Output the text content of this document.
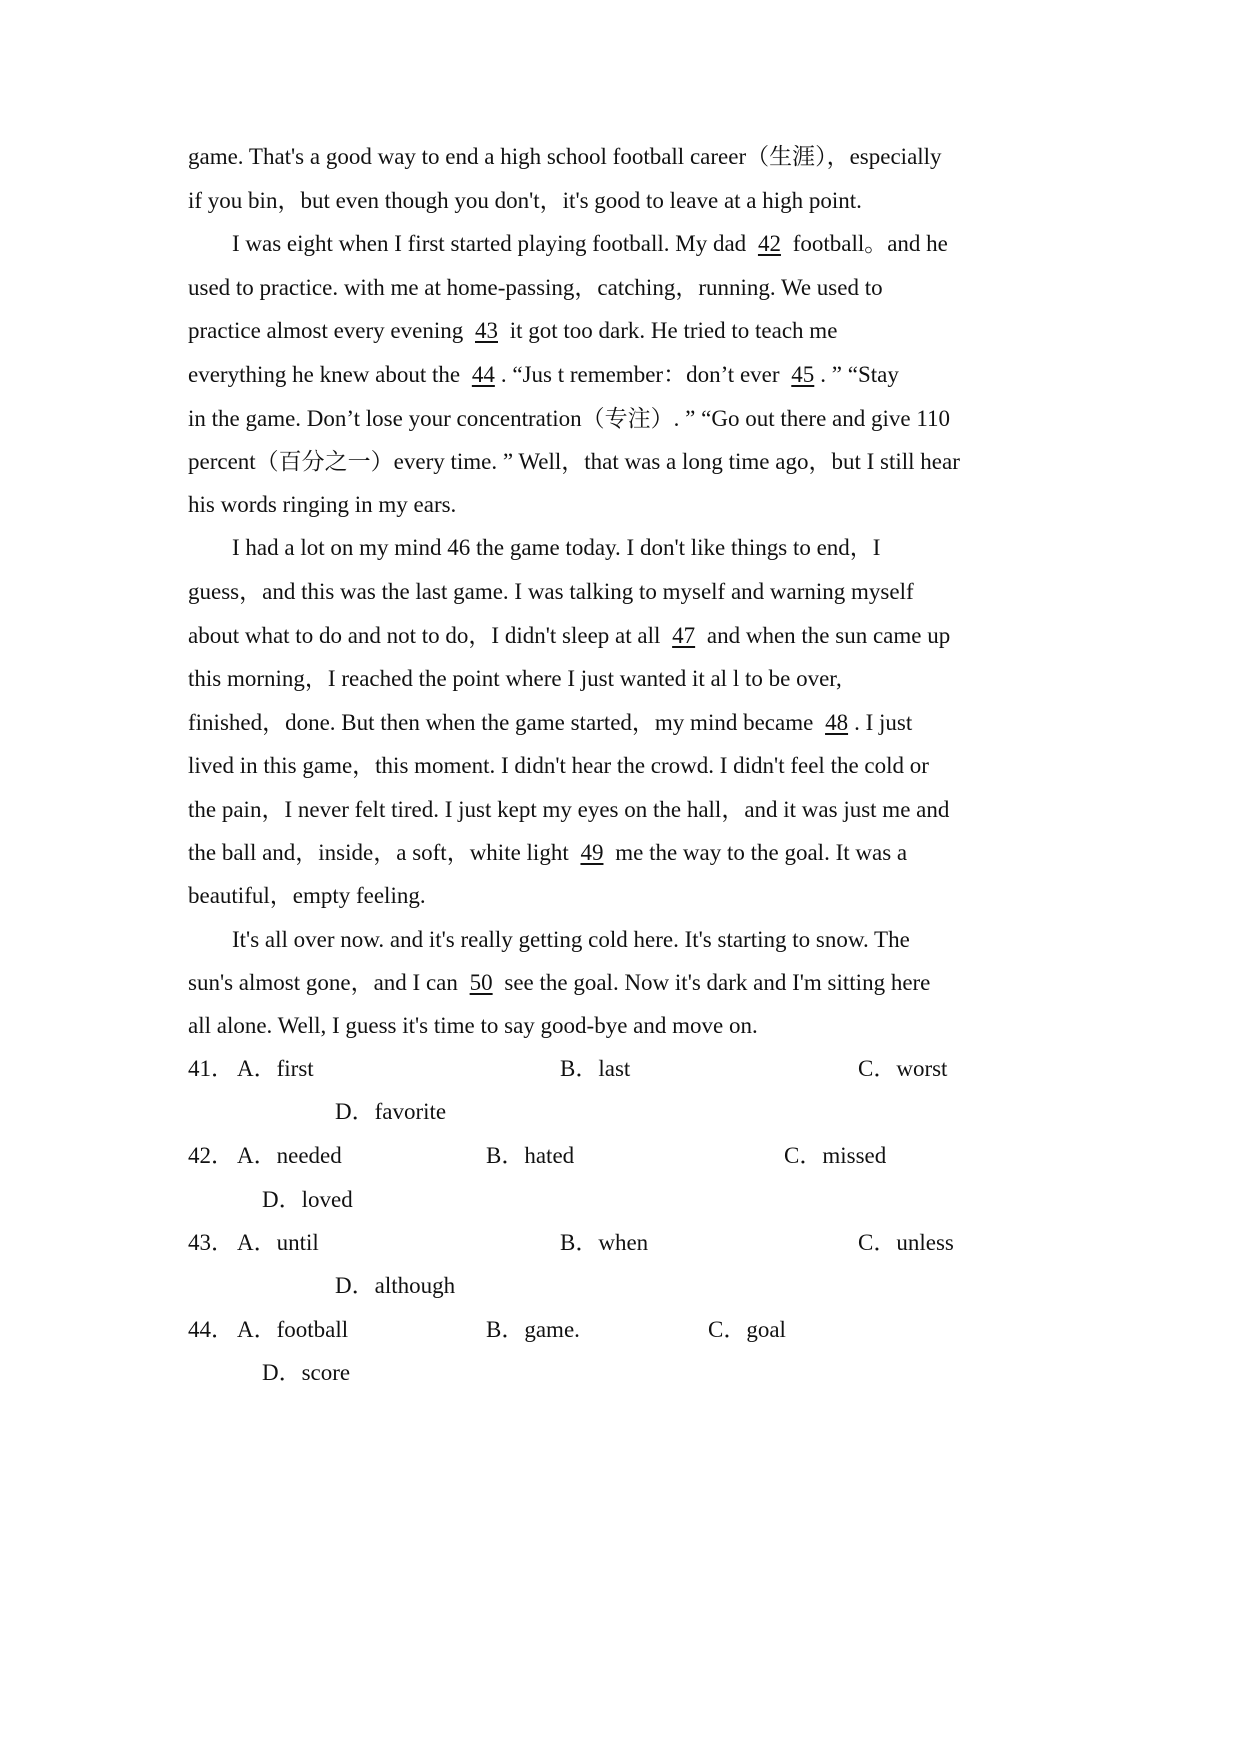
game. That's a good way to end a high school football career（生涯），especially
if you bin，but even though you don't，it's good to leave at a high point.
I was eight when I first started playing football. My dad 42 football。and he
used to practice. with me at home-passing，catching，running. We used to
practice almost every evening 43 it got too dark. He tried to teach me
everything he knew about the 44 . “Jus t remember：don’t ever 45 . ” “Stay
in the game. Don’t lose your concentration（专注）. ” “Go out there and give 110
percent（百分之一）every time. ” Well，that was a long time ago，but I still hear
his words ringing in my ears.
I had a lot on my mind 46 the game today. I don't like things to end，I
guess，and this was the last game. I was talking to myself and warning myself
about what to do and not to do，I didn't sleep at all 47 and when the sun came up
this morning，I reached the point where I just wanted it al l to be over,
finished，done. But then when the game started，my mind became 48 . I just
lived in this game，this moment. I didn't hear the crowd. I didn't feel the cold or
the pain，I never felt tired. I just kept my eyes on the hall，and it was just me and
the ball and，inside，a soft，white light 49 me the way to the goal. It was a
beautiful，empty feeling.
It's all over now. and it's really getting cold here. It's starting to snow. The
sun's almost gone，and I can 50 see the goal. Now it's dark and I'm sitting here
all alone. Well, I guess it's time to say good-bye and move on.
41． A．first	B．last	C．worst
D．favorite
42． A．needed	B．hated	C．missed
D．loved
43． A．until	B．when	C．unless
D．although
44． A．football	B．game.	C．goal
D．score
